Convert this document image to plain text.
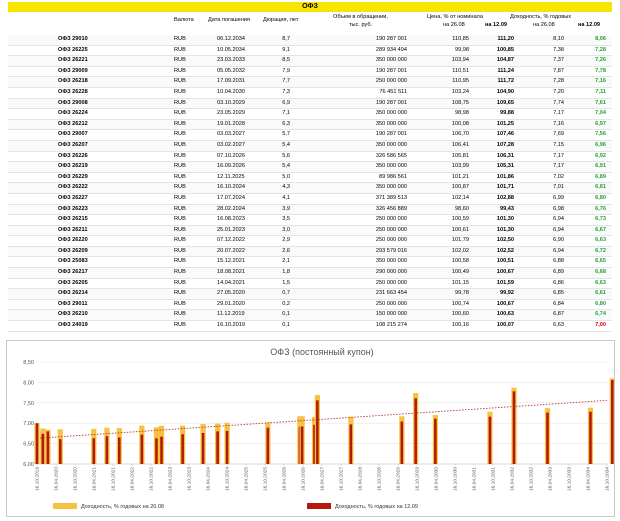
ОФЗ
Валюта	Дата погашения Дюрация, лет	Объем в обращении,
тыс. руб.
Цена, % от номинала
на 26.08	на 12.09
Доходность, % годовых
на 26.08	на 12.09
ОФЗ 29010	RUB	06.12.2034	8,7	190 287 001	110,85	111,20	8,10	8,06
ОФЗ 26225	RUB	10.05.2034	9,1	289 934 494	99,98	100,85	7,38	7,28
ОФЗ 26221	RUB	23.03.2033	8,5	350 000 000	103,94	104,87	7,37	7,26
ОФЗ 29009	RUB	05.05.2032	7,9	190 287 001	110,51	111,24	7,87	7,78
ОФЗ 26218	RUB	17.09.2031	7,7	250 000 000	110,95	111,72	7,28	7,16
ОФЗ 26228	RUB	10.04.2030	7,3	76 451 511	103,24	104,90	7,20	7,11
ОФЗ 29008	RUB	03.10.2029	6,9	190 287 001	108,75	109,65	7,74	7,61
ОФЗ 26224	RUB	23.05.2029	7,1	350 000 000	98,98	99,88	7,17	7,04
ОФЗ 26212	RUB	19.01.2028	6,3	350 000 000	100,08	101,25	7,16	6,97
ОФЗ 29007	RUB	03.03.2027	5,7	190 287 001	106,70	107,46	7,69	7,56
ОФЗ 26207	RUB	03.02.2027	5,4	350 000 000	106,41	107,28	7,15	6,96
ОФЗ 26226	RUB	07.10.2026	5,6	326 586 565	105,81	106,31	7,17	6,92
ОФЗ 26219	RUB	16.09.2026	5,4	350 000 000	103,99	105,31	7,17	6,91
ОФЗ 26229	RUB	12.11.2025	5,0	89 986 561	101,21	101,86	7,02	6,89
ОФЗ 26222	RUB	16.10.2024	4,3	350 000 000	100,87	101,71	7,01	6,81
ОФЗ 26227	RUB	17.07.2024	4,1	371 389 513	102,14	102,88	6,99	6,80
ОФЗ 26223	RUB	28.02.2024	3,9	326 456 889	98,60	99,43	6,98	6,76
ОФЗ 26215	RUB	16.08.2023	3,5	250 000 000	100,59	101,30	6,94	6,73
ОФЗ 26211	RUB	25.01.2023	3,0	250 000 000	100,61	101,30	6,94	6,67
ОФЗ 26220	RUB	07.12.2022	2,9	250 000 000	101,79	102,50	6,90	6,63
ОФЗ 26209	RUB	20.07.2022	2,6	293 579 016	102,02	102,52	6,94	6,72
ОФЗ 25083	RUB	15.12.2021	2,1	350 000 000	100,58	100,51	6,88	6,65
ОФЗ 26217	RUB	18.08.2021	1,8	290 000 000	100,49	100,67	6,89	6,68
ОФЗ 26205	RUB	14.04.2021	1,5	250 000 000	101,15	101,59	6,86	6,63
ОФЗ 26214	RUB	27.05.2020	0,7	231 663 454	99,78	99,92	6,85	6,61
ОФЗ 29011	RUB	29.01.2020	0,2	250 000 000	100,74	100,67	6,84	6,80
ОФЗ 26210	RUB	11.12.2019	0,1	150 000 000	100,60	100,63	6,87	6,74
ОФЗ 24019	RUB	16.10.2019	0,1	108 215 274	100,16	100,07	6,63	7,00
ОФЗ (постоянный купон)
6,00
6,50
7,00
7,50
8,00
8,50
16.10.2019	16.04.2020	16.10.2020	16.04.2021	16.10.2021	16.04.2022	16.10.2022	16.04.2023	16.10.2023	16.04.2024	16.10.2024	16.04.2025	16.10.2025	16.04.2026	16.10.2026	16.04.2027	16.10.2027	16.04.2028	16.10.2028	16.04.2029	16.10.2029	16.04.2030	16.10.2030	16.04.2031	16.10.2031	16.04.2032	16.10.2032	16.04.2033	16.10.2033	16.04.2034	16.10.2034
Доходность, % годовых на 26.08	Доходность, % годовых на 12.09
